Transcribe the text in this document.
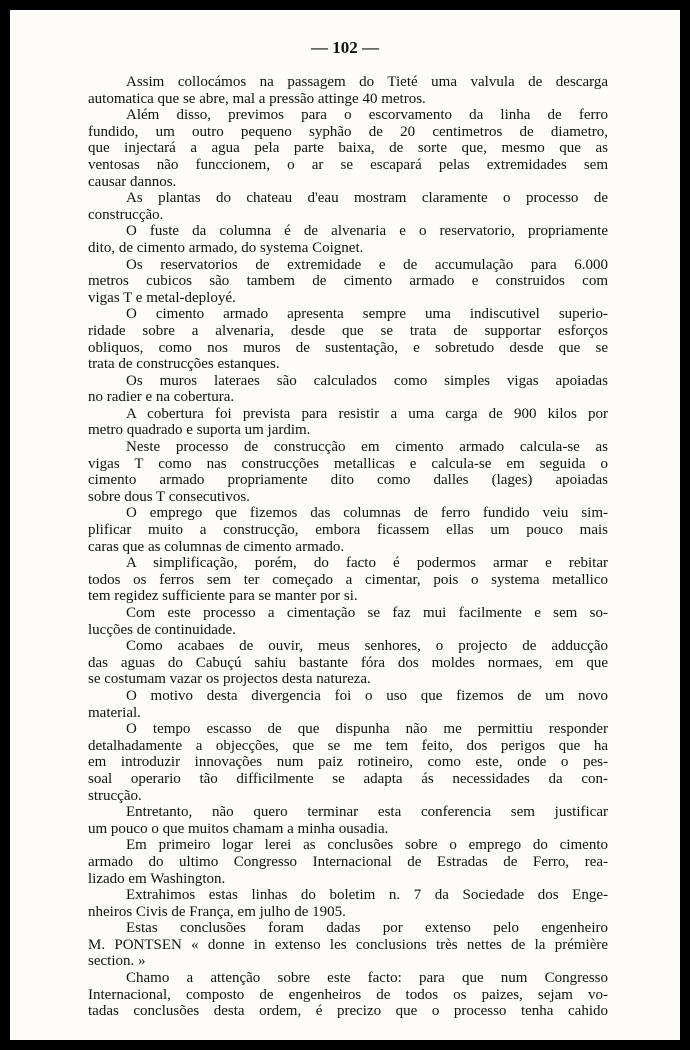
— 102 —
Assim collocámos na passagem do Tieté uma valvula de descarga
automatica que se abre, mal a pressão attinge 40 metros.
Além disso, previmos para o escorvamento da linha de ferro
fundido, um outro pequeno syphão de 20 centimetros de diametro,
que injectará a agua pela parte baixa, de sorte que, mesmo que as
ventosas não funccionem, o ar se escapará pelas extremidades sem
causar dannos.
As plantas do chateau d'eau mostram claramente o processo de
construcção.
O fuste da columna é de alvenaria e o reservatorio, propriamente
dito, de cimento armado, do systema Coignet.
Os reservatorios de extremidade e de accumulação para 6.000
metros cubicos são tambem de cimento armado e construidos com
vigas T e metal-deployé.
O cimento armado apresenta sempre uma indiscutivel superio-
ridade sobre a alvenaria, desde que se trata de supportar esforços
obliquos, como nos muros de sustentação, e sobretudo desde que se
trata de construcções estanques.
Os muros lateraes são calculados como simples vigas apoiadas
no radier e na cobertura.
A cobertura foi prevista para resistir a uma carga de 900 kilos por
metro quadrado e suporta um jardim.
Neste processo de construcção em cimento armado calcula-se as
vigas T como nas construcções metallicas e calcula-se em seguida o
cimento armado propriamente dito como dalles (lages) apoiadas
sobre dous T consecutivos.
O emprego que fizemos das columnas de ferro fundido veiu sim-
plificar muito a construcção, embora ficassem ellas um pouco mais
caras que as columnas de cimento armado.
A simplificação, porém, do facto é podermos armar e rebitar
todos os ferros sem ter começado a cimentar, pois o systema metallico
tem regidez sufficiente para se manter por si.
Com este processo a cimentação se faz mui facilmente e sem so-
lucções de continuidade.
Como acabaes de ouvir, meus senhores, o projecto de adducção
das aguas do Cabuçú sahiu bastante fóra dos moldes normaes, em que
se costumam vazar os projectos desta natureza.
O motivo desta divergencia foi o uso que fizemos de um novo
material.
O tempo escasso de que dispunha não me permittiu responder
detalhadamente a objecções, que se me tem feito, dos perigos que ha
em introduzir innovações num paiz rotineiro, como este, onde o pes-
soal operario tão difficilmente se adapta ás necessidades da con-
strucção.
Entretanto, não quero terminar esta conferencia sem justificar
um pouco o que muitos chamam a minha ousadia.
Em primeiro logar lerei as conclusões sobre o emprego do cimento
armado do ultimo Congresso Internacional de Estradas de Ferro, rea-
lizado em Washington.
Extrahimos estas linhas do boletim n. 7 da Sociedade dos Enge-
nheiros Civis de França, em julho de 1905.
Estas conclusões foram dadas por extenso pelo engenheiro
M. PONTSEN « donne in extenso les conclusions très nettes de la prémière
section. »
Chamo a attenção sobre este facto: para que num Congresso
Internacional, composto de engenheiros de todos os paizes, sejam vo-
tadas conclusões desta ordem, é precizo que o processo tenha cahido
